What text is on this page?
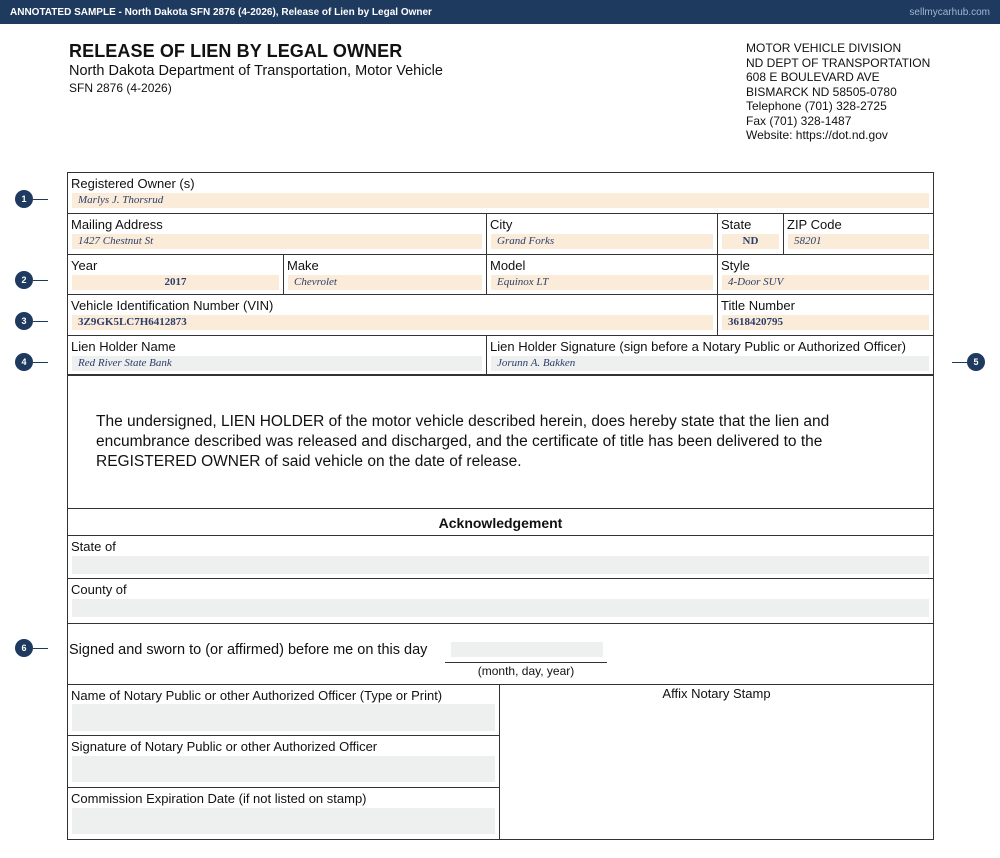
ANNOTATED SAMPLE - North Dakota SFN 2876 (4-2026), Release of Lien by Legal Owner	sellmycarhub.com
RELEASE OF LIEN BY LEGAL OWNER
North Dakota Department of Transportation, Motor Vehicle
SFN 2876 (4-2026)
MOTOR VEHICLE DIVISION
ND DEPT OF TRANSPORTATION
608 E BOULEVARD AVE
BISMARCK ND 58505-0780
Telephone (701) 328-2725
Fax (701) 328-1487
Website: https://dot.nd.gov
Registered Owner (s)
Marlys J. Thorsrud
Mailing Address
1427 Chestnut St
City
Grand Forks
State
ND
ZIP Code
58201
Year
2017
Make
Chevrolet
Model
Equinox LT
Style
4-Door SUV
Vehicle Identification Number (VIN)
3Z9GK5LC7H6412873
Title Number
3618420795
Lien Holder Name
Red River State Bank
Lien Holder Signature (sign before a Notary Public or Authorized Officer)
Jorunn A. Bakken
The undersigned, LIEN HOLDER of the motor vehicle described herein, does hereby state that the lien and encumbrance described was released and discharged, and the certificate of title has been delivered to the REGISTERED OWNER of said vehicle on the date of release.
Acknowledgement
State of
County of
Signed and sworn to (or affirmed) before me on this day
(month, day, year)
Name of Notary Public or other Authorized Officer (Type or Print)
Signature of Notary Public or other Authorized Officer
Commission Expiration Date (if not listed on stamp)
Affix Notary Stamp
1
2
3
4	5
6
